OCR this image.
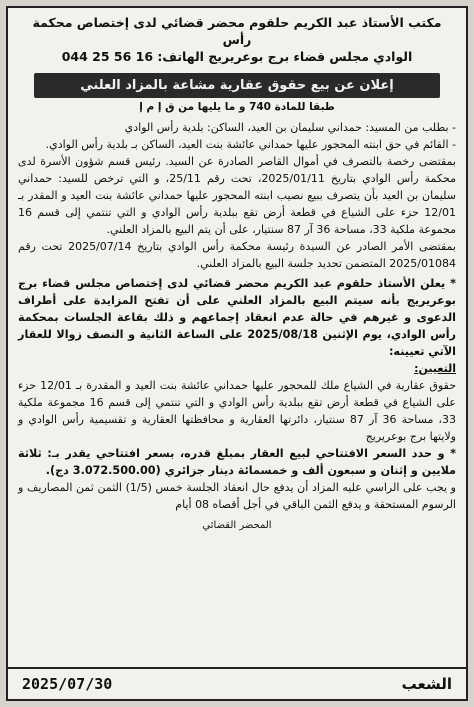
مكتب الأستاذ عبد الكريم حلقوم محضر قضائي لدى إختصاص محكمة رأس
الوادي مجلس قضاء برج بوعريريج الهاتف: 044 25 56 16
إعلان عن بيع حقوق عقارية مشاعة بالمزاد العلني
طبقا للمادة 740 و ما يليها من ق إ م إ

- بطلب من المسيد: حمداني سليمان بن العيد، الساكن: بلدية رأس الوادي

- القائم في حق ابنته المحجور عليها حمداني عائشة بنت العيد، الساكن بـ بلدية رأس الوادي.

بمقتضى رخصة بالتصرف في أموال القاصر الصادرة عن السيد. رئيس قسم شؤون الأسرة لدى محكمة رأس الوادي بتاريخ 2025/01/11، تحت رقم 25/11، و التي ترخص للسيد: حمداني سليمان بن العيد بأن يتصرف ببيع نصيب ابنته المحجور عليها حمداني عائشة بنت العيد و المقدر بـ 12/01 حزء على الشياع في قطعة أرض تقع ببلدية رأس الوادي و التي تنتمي إلى قسم 16 مجموعة ملكية 33، مساحة 36 آر 87 سنتيار، على أن يتم البيع بالمزاد العلني.

بمقتضى الأمر الصادر عن السيدة رئيسة محكمة رأس الوادي بتاريخ 2025/07/14 تحت رقم 2025/01084 المتضمن تحديد جلسة البيع بالمزاد العلني.

* يعلن الأستاذ حلقوم عبد الكريم محضر قضائي لدى إختصاص مجلس قضاء برج بوعريريج بأنه سيتم البيع بالمزاد العلني على أن تفتح المزايدة على أطراف الدعوى و غيرهم في حالة عدم انعقاد إجماعهم و ذلك بقاعة الجلسات بمحكمة رأس الوادي، يوم الإثنين 2025/08/18 على الساعة الثانية و النصف زوالا للعقار الآتي تعيينه:

التعيين:

حقوق عقارية في الشياع ملك للمحجور عليها حمداني عائشة بنت العيد و المقدرة بـ 12/01 حزء على الشياع في قطعة أرض تقع ببلدية رأس الوادي و التي تنتمي إلى قسم 16 مجموعة ملكية 33، مساحة 36 آر 87 سنتيار، دائرتها العقارية و محافظتها العقارية و تقسيمية رأس الوادي و ولايتها برج بوعريريج

* و حدد السعر الافتتاحي لبيع العقار بمبلغ قدره، بسعر افتتاحي يقدر بـ: ثلاثة ملايين و إثنان و سبعون ألف و خمسمائة دينار جزائري (3.072.500.00 دج).

و يجب على الراسي عليه المزاد أن يدفع حال انعقاد الجلسة خمس (1/5) الثمن ثمن المصاريف و الرسوم المستحقة و يدفع الثمن الباقي في أجل أقصاه 08 أيام

المحضر القضائي
الشعب
2025/07/30
